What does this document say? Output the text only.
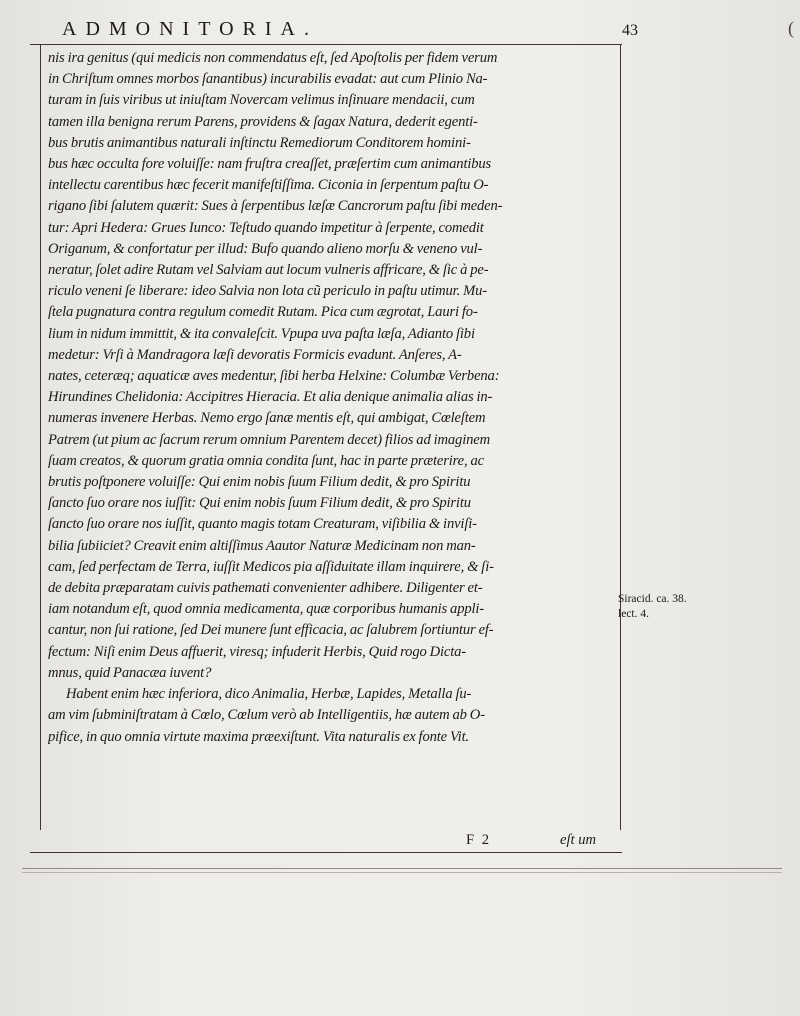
(
ADMONITORIA.	43
nis ira genitus (qui medicis non commendatus eſt, ſed Apoſtolis per fidem verum
in Chriſtum omnes morbos ſanantibus) incurabilis evadat: aut cum Plinio Na-
turam in ſuis viribus ut iniuſtam Novercam velimus inſinuare mendacii, cum
tamen illa benigna rerum Parens, providens & ſagax Natura, dederit egenti-
bus brutis animantibus naturali inſtinctu Remediorum Conditorem homini-
bus hæc occulta fore voluiſſe: nam fruſtra creaſſet, præſertim cum animantibus
intellectu carentibus hæc fecerit manifeſtiſſima. Ciconia in ſerpentum paſtu O-
rigano ſibi ſalutem quærit: Sues à ſerpentibus læſæ Cancrorum paſtu ſibi meden-
tur: Apri Hedera: Grues Iunco: Teſtudo quando impetitur à ſerpente, comedit
Origanum, & confortatur per illud: Bufo quando alieno morſu & veneno vul-
neratur, ſolet adire Rutam vel Salviam aut locum vulneris affricare, & ſic à pe-
riculo veneni ſe liberare: ideo Salvia non lota cũ periculo in paſtu utimur. Mu-
ſtela pugnatura contra regulum comedit Rutam. Pica cum ægrotat, Lauri fo-
lium in nidum immittit, & ita convaleſcit. Vpupa uva paſta læſa, Adianto ſibi
medetur: Vrſi à Mandragora læſi devoratis Formicis evadunt. Anſeres, A-
nates, ceteræq; aquaticæ aves medentur, ſibi herba Helxine: Columbæ Verbena:
Hirundines Chelidonia: Accipitres Hieracia. Et alia denique animalia alias in-
numeras invenere Herbas. Nemo ergo ſanæ mentis eſt, qui ambigat, Cœleſtem
Patrem (ut pium ac ſacrum rerum omnium Parentem decet) filios ad imaginem
ſuam creatos, & quorum gratia omnia condita ſunt, hac in parte præterire, ac
brutis poſtponere voluiſſe: Qui enim nobis ſuum Filium dedit, & pro Spiritu
ſancto ſuo orare nos iuſſit: Qui enim nobis ſuum Filium dedit, & pro Spiritu
ſancto ſuo orare nos iuſſit, quanto magis totam Creaturam, viſibilia & inviſi-
bilia ſubiiciet? Creavit enim altiſſimus Aautor Naturæ Medicinam non man-
cam, ſed perfectam de Terra, iuſſit Medicos pia aſſiduitate illam inquirere, & ſi-
de debita præparatam cuivis pathemati convenienter adhibere. Diligenter et-
iam notandum eſt, quod omnia medicamenta, quæ corporibus humanis appli-
cantur, non ſui ratione, ſed Dei munere ſunt efficacia, ac ſalubrem ſortiuntur ef-
fectum: Niſi enim Deus affuerit, viresq; infuderit Herbis, Quid rogo Dicta-
mnus, quid Panacæa iuvent?
Habent enim hæc inferiora, dico Animalia, Herbæ, Lapides, Metalla ſu-
am vim ſubminiſtratam à Cœlo, Cœlum verò ab Intelligentiis, hæ autem ab O-
pifice, in quo omnia virtute maxima præexiſtunt. Vita naturalis ex fonte Vit.
Siracid. ca. 38. lect. 4.
F 2	eſt um
